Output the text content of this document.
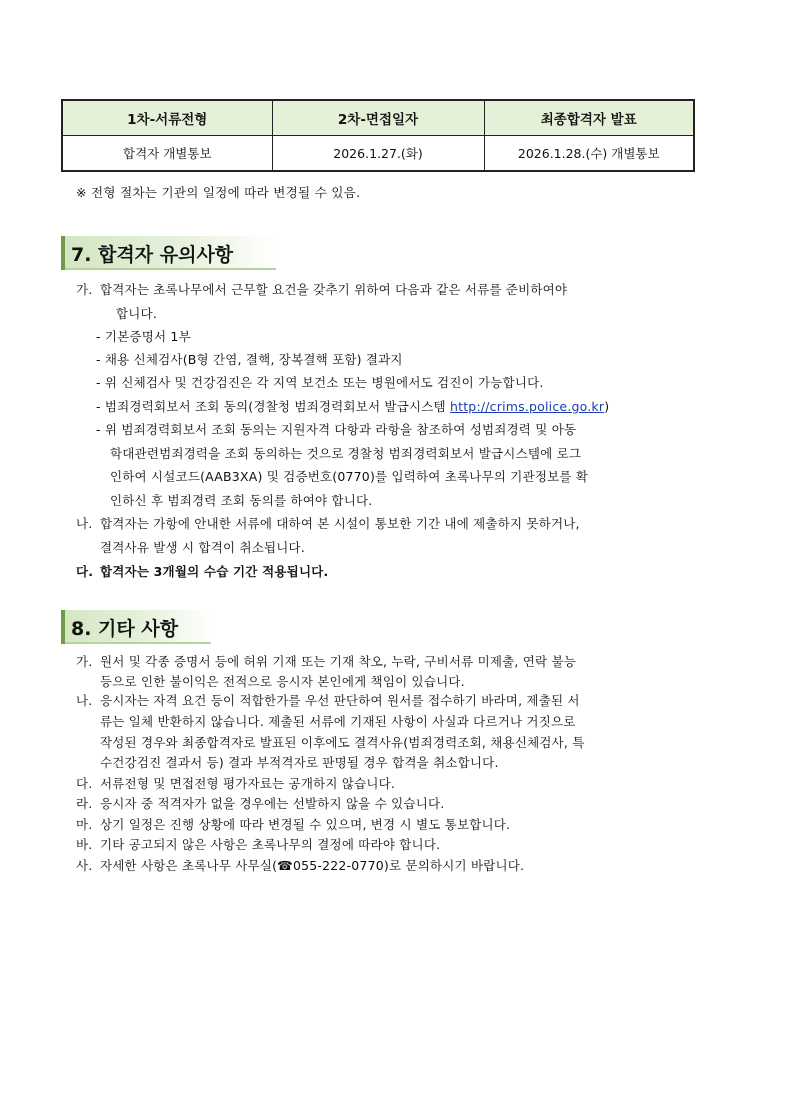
1차-서류전형	2차-면접일자	최종합격자 발표
합격자 개별통보	2026.1.27.(화)	2026.1.28.(수) 개별통보
※ 전형 절차는 기관의 일정에 따라 변경될 수 있음.
7. 합격자 유의사항
가. 합격자는 초록나무에서 근무할 요건을 갖추기 위하여 다음과 같은 서류를 준비하여야
합니다.
- 기본증명서 1부
- 채용 신체검사(B형 간염, 결핵, 장복결핵 포함) 결과지
- 위 신체검사 및 건강검진은 각 지역 보건소 또는 병원에서도 검진이 가능합니다.
- 범죄경력회보서 조회 동의(경찰청 범죄경력회보서 발급시스템 http://crims.police.go.kr)
- 위 범죄경력회보서 조회 동의는 지원자격 다항과 라항을 참조하여 성범죄경력 및 아동
학대관련범죄경력을 조회 동의하는 것으로 경찰청 범죄경력회보서 발급시스템에 로그
인하여 시설코드(AAB3XA) 및 검증번호(0770)를 입력하여 초록나무의 기관정보를 확
인하신 후 범죄경력 조회 동의를 하여야 합니다.
나. 합격자는 가항에 안내한 서류에 대하여 본 시설이 통보한 기간 내에 제출하지 못하거나,
결격사유 발생 시 합격이 취소됩니다.
다. 합격자는 3개월의 수습 기간 적용됩니다.
8. 기타 사항
가. 원서 및 각종 증명서 등에 허위 기재 또는 기재 착오, 누락, 구비서류 미제출, 연락 불능
등으로 인한 불이익은 전적으로 응시자 본인에게 책임이 있습니다.
나. 응시자는 자격 요건 등이 적합한가를 우선 판단하여 원서를 접수하기 바라며, 제출된 서
류는 일체 반환하지 않습니다. 제출된 서류에 기재된 사항이 사실과 다르거나 거짓으로
작성된 경우와 최종합격자로 발표된 이후에도 결격사유(범죄경력조회, 채용신체검사, 특
수건강검진 결과서 등) 결과 부적격자로 판명될 경우 합격을 취소합니다.
다. 서류전형 및 면접전형 평가자료는 공개하지 않습니다.
라. 응시자 중 적격자가 없을 경우에는 선발하지 않을 수 있습니다.
마. 상기 일정은 진행 상황에 따라 변경될 수 있으며, 변경 시 별도 통보합니다.
바. 기타 공고되지 않은 사항은 초록나무의 결정에 따라야 합니다.
사. 자세한 사항은 초록나무 사무실(☎055-222-0770)로 문의하시기 바랍니다.
